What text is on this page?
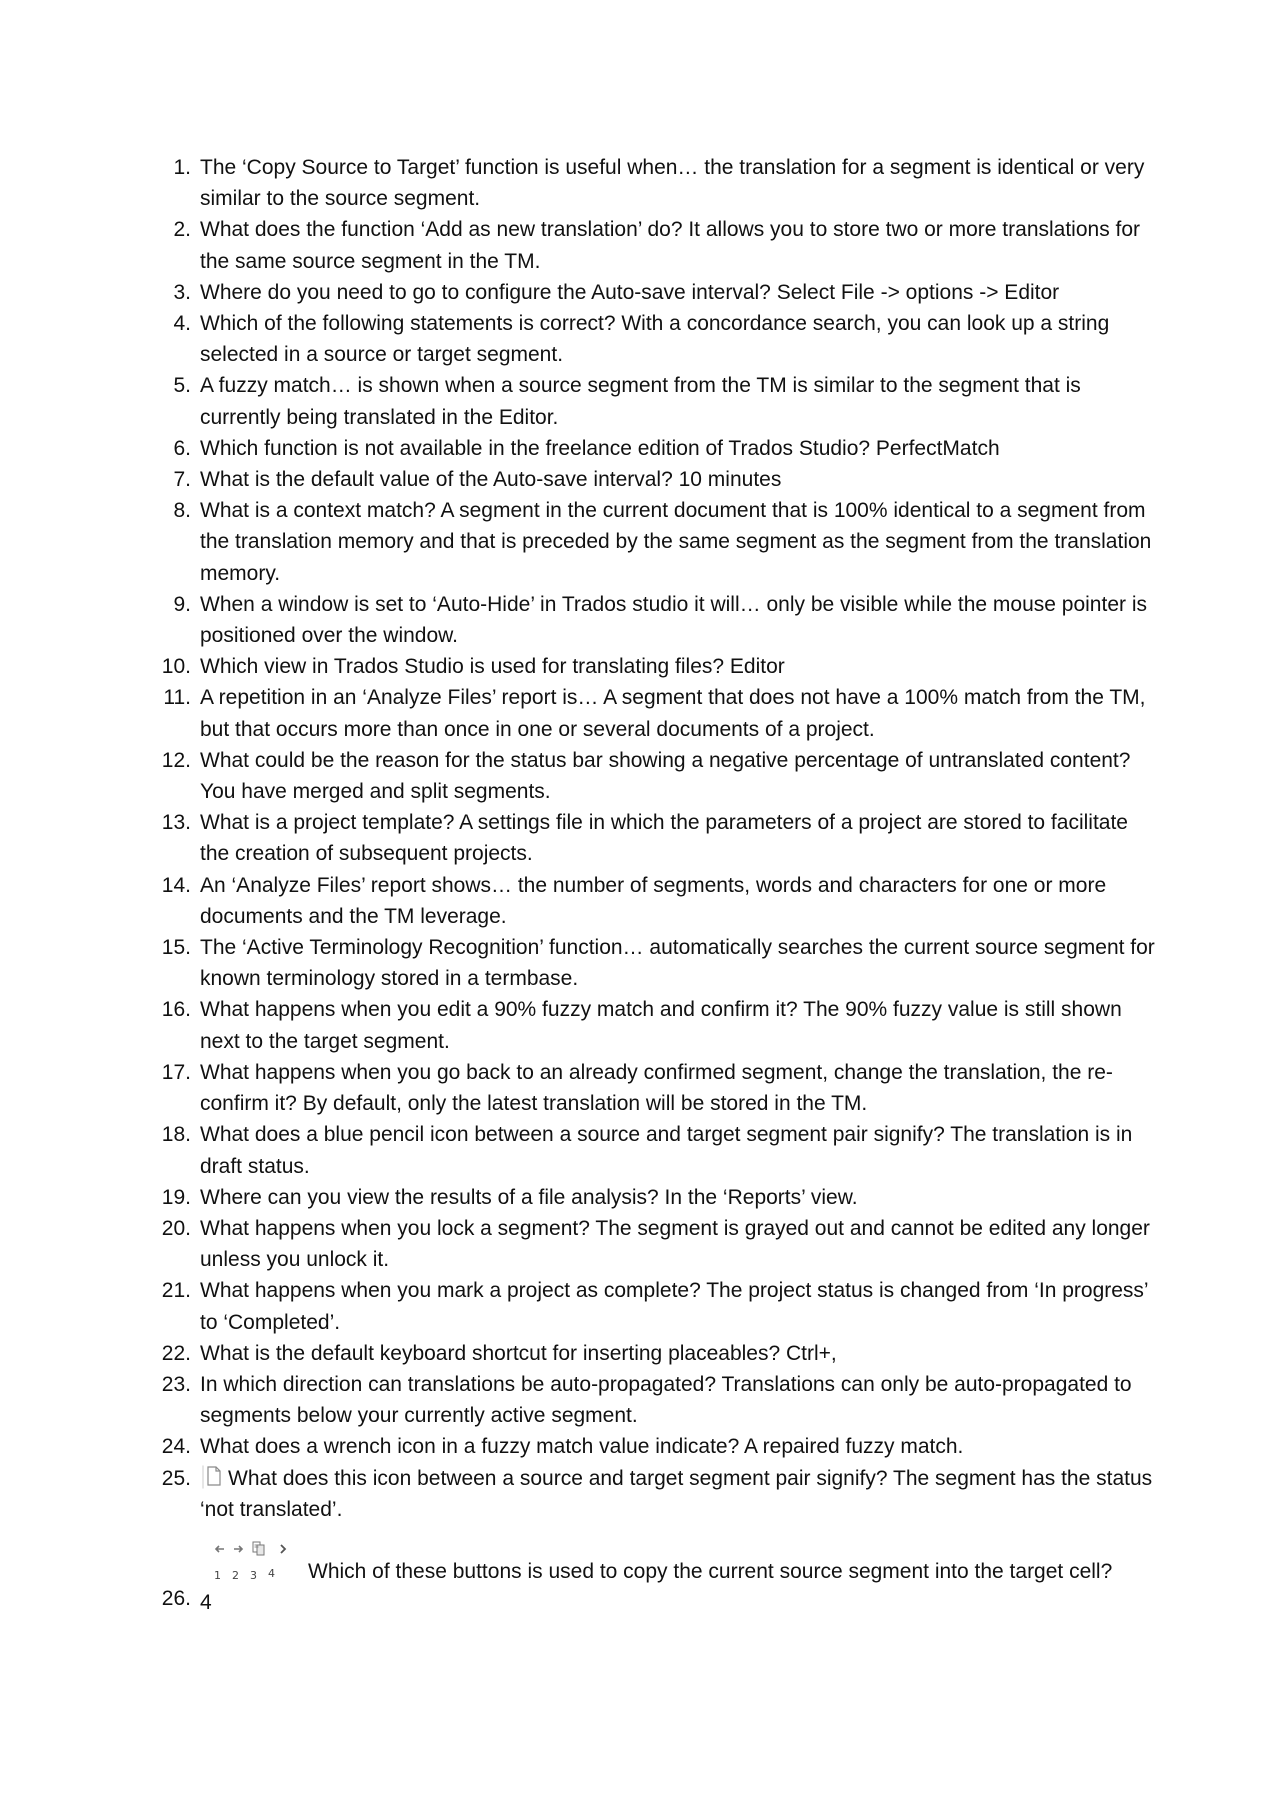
1. The ‘Copy Source to Target’ function is useful when… the translation for a segment is identical or very similar to the source segment.
2. What does the function ‘Add as new translation’ do? It allows you to store two or more translations for the same source segment in the TM.
3. Where do you need to go to configure the Auto-save interval? Select File -> options -> Editor
4. Which of the following statements is correct? With a concordance search, you can look up a string selected in a source or target segment.
5. A fuzzy match… is shown when a source segment from the TM is similar to the segment that is currently being translated in the Editor.
6. Which function is not available in the freelance edition of Trados Studio? PerfectMatch
7. What is the default value of the Auto-save interval? 10 minutes
8. What is a context match? A segment in the current document that is 100% identical to a segment from the translation memory and that is preceded by the same segment as the segment from the translation memory.
9. When a window is set to ‘Auto-Hide’ in Trados studio it will… only be visible while the mouse pointer is positioned over the window.
10. Which view in Trados Studio is used for translating files? Editor
11. A repetition in an ‘Analyze Files’ report is… A segment that does not have a 100% match from the TM, but that occurs more than once in one or several documents of a project.
12. What could be the reason for the status bar showing a negative percentage of untranslated content? You have merged and split segments.
13. What is a project template? A settings file in which the parameters of a project are stored to facilitate the creation of subsequent projects.
14. An ‘Analyze Files’ report shows… the number of segments, words and characters for one or more documents and the TM leverage.
15. The ‘Active Terminology Recognition’ function… automatically searches the current source segment for known terminology stored in a termbase.
16. What happens when you edit a 90% fuzzy match and confirm it? The 90% fuzzy value is still shown next to the target segment.
17. What happens when you go back to an already confirmed segment, change the translation, the re-confirm it? By default, only the latest translation will be stored in the TM.
18. What does a blue pencil icon between a source and target segment pair signify? The translation is in draft status.
19. Where can you view the results of a file analysis? In the ‘Reports’ view.
20. What happens when you lock a segment? The segment is grayed out and cannot be edited any longer unless you unlock it.
21. What happens when you mark a project as complete? The project status is changed from ‘In progress’ to ‘Completed’.
22. What is the default keyboard shortcut for inserting placeables? Ctrl+,
23. In which direction can translations be auto-propagated? Translations can only be auto-propagated to segments below your currently active segment.
24. What does a wrench icon in a fuzzy match value indicate? A repaired fuzzy match.
25.	What does this icon between a source and target segment pair signify? The segment has the status ‘not translated’.
26.
1 2 3 4 Which of these buttons is used to copy the current source segment into the target cell?
4
